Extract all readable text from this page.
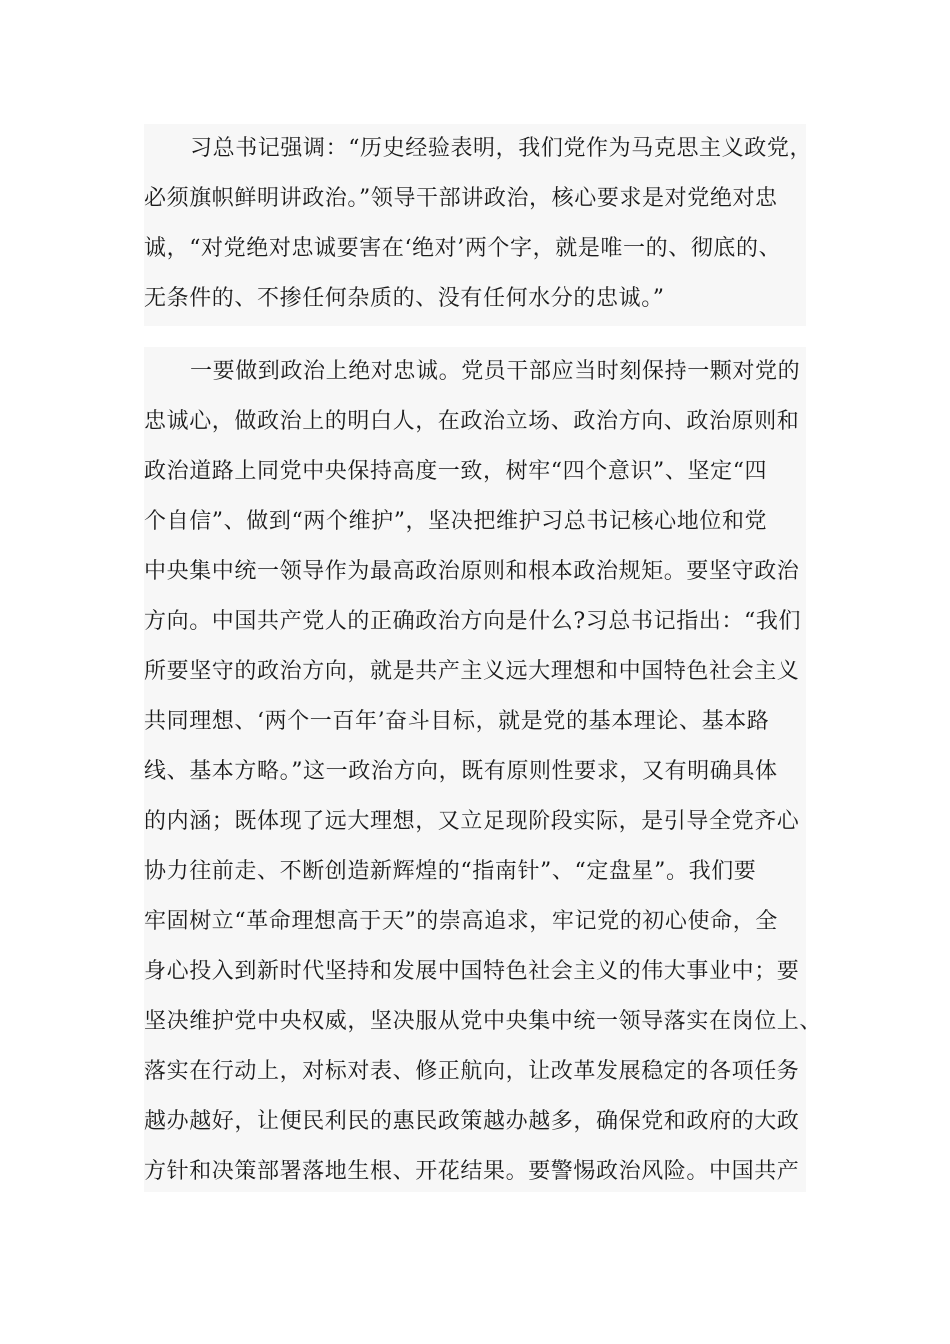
习总书记强调：“历史经验表明，我们党作为马克思主义政党，
必须旗帜鲜明讲政治。”领导干部讲政治，核心要求是对党绝对忠
诚，“对党绝对忠诚要害在‘绝对’两个字，就是唯一的、彻底的、
无条件的、不掺任何杂质的、没有任何水分的忠诚。”
一要做到政治上绝对忠诚。党员干部应当时刻保持一颗对党的
忠诚心，做政治上的明白人，在政治立场、政治方向、政治原则和
政治道路上同党中央保持高度一致，树牢“四个意识”、坚定“四
个自信”、做到“两个维护”，坚决把维护习总书记核心地位和党
中央集中统一领导作为最高政治原则和根本政治规矩。要坚守政治
方向。中国共产党人的正确政治方向是什么?习总书记指出：“我们
所要坚守的政治方向，就是共产主义远大理想和中国特色社会主义
共同理想、‘两个一百年’奋斗目标，就是党的基本理论、基本路
线、基本方略。”这一政治方向，既有原则性要求，又有明确具体
的内涵；既体现了远大理想，又立足现阶段实际，是引导全党齐心
协力往前走、不断创造新辉煌的“指南针”、“定盘星”。我们要
牢固树立“革命理想高于天”的崇高追求，牢记党的初心使命，全
身心投入到新时代坚持和发展中国特色社会主义的伟大事业中；要
坚决维护党中央权威，坚决服从党中央集中统一领导落实在岗位上、
落实在行动上，对标对表、修正航向，让改革发展稳定的各项任务
越办越好，让便民利民的惠民政策越办越多，确保党和政府的大政
方针和决策部署落地生根、开花结果。要警惕政治风险。中国共产
